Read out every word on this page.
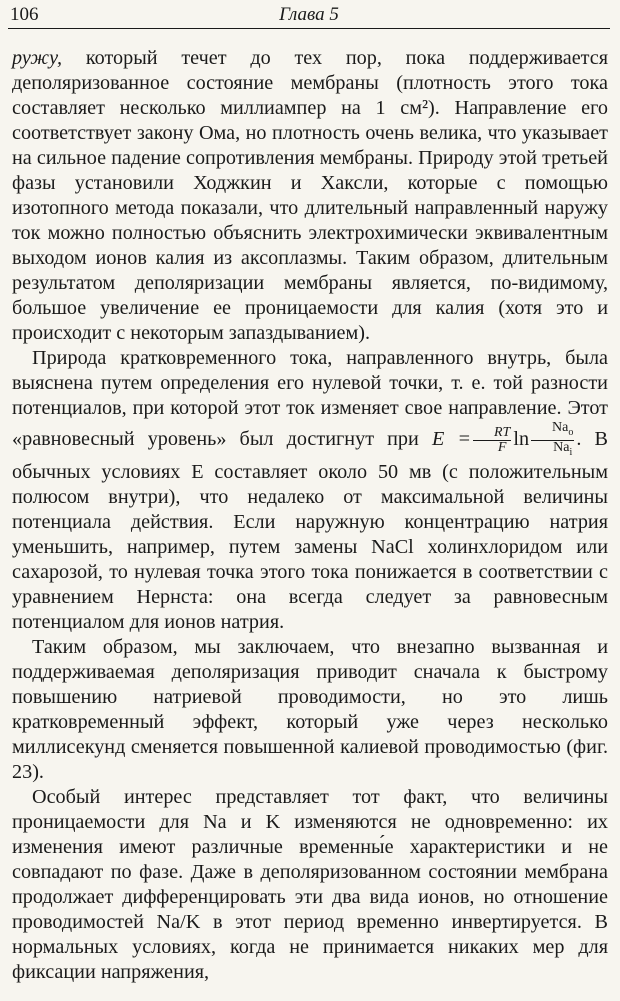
106	Глава 5

ружу, который течет до тех пор, пока поддерживается деполяризованное состояние мембраны (плотность этого тока составляет несколько миллиампер на 1 см²). Направление его соответствует закону Ома, но плотность очень велика, что указывает на сильное падение сопротивления мембраны. Природу этой третьей фазы установили Ходжкин и Хаксли, которые с помощью изотопного метода показали, что длительный направленный наружу ток можно полностью объяснить электрохимически эквивалентным выходом ионов калия из аксоплазмы. Таким образом, длительным результатом деполяризации мембраны является, по-видимому, большое увеличение ее проницаемости для калия (хотя это и происходит с некоторым запаздыванием).

Природа кратковременного тока, направленного внутрь, была выяснена путем определения его нулевой точки, т. е. той разности потенциалов, при которой этот ток изменяет свое направление. Этот «равновесный уровень» был достигнут при $E = \frac{RT}{F}$ $\ln \frac{Na_o}{Na_i}$ . В обычных условиях E составляет около 50 мв (с положительным полюсом внутри), что недалеко от максимальной величины потенциала действия. Если наружную концентрацию натрия уменьшить, например, путем замены NaCl холинхлоридом или сахарозой, то нулевая точка этого тока понижается в соответствии с уравнением Нернста: она всегда следует за равновесным потенциалом для ионов натрия.

Таким образом, мы заключаем, что внезапно вызванная и поддерживаемая деполяризация приводит сначала к быстрому повышению натриевой проводимости, но это лишь кратковременный эффект, который уже через несколько миллисекунд сменяется повышенной калиевой проводимостью (фиг. 23).

Особый интерес представляет тот факт, что величины проницаемости для Na и K изменяются не одновременно: их изменения имеют различные временны́е характеристики и не совпадают по фазе. Даже в деполяризованном состоянии мембрана продолжает дифференцировать эти два вида ионов, но отношение проводимостей Na/K в этот период временно инвертируется. В нормальных условиях, когда не принимается никаких мер для фиксации напряжения,
